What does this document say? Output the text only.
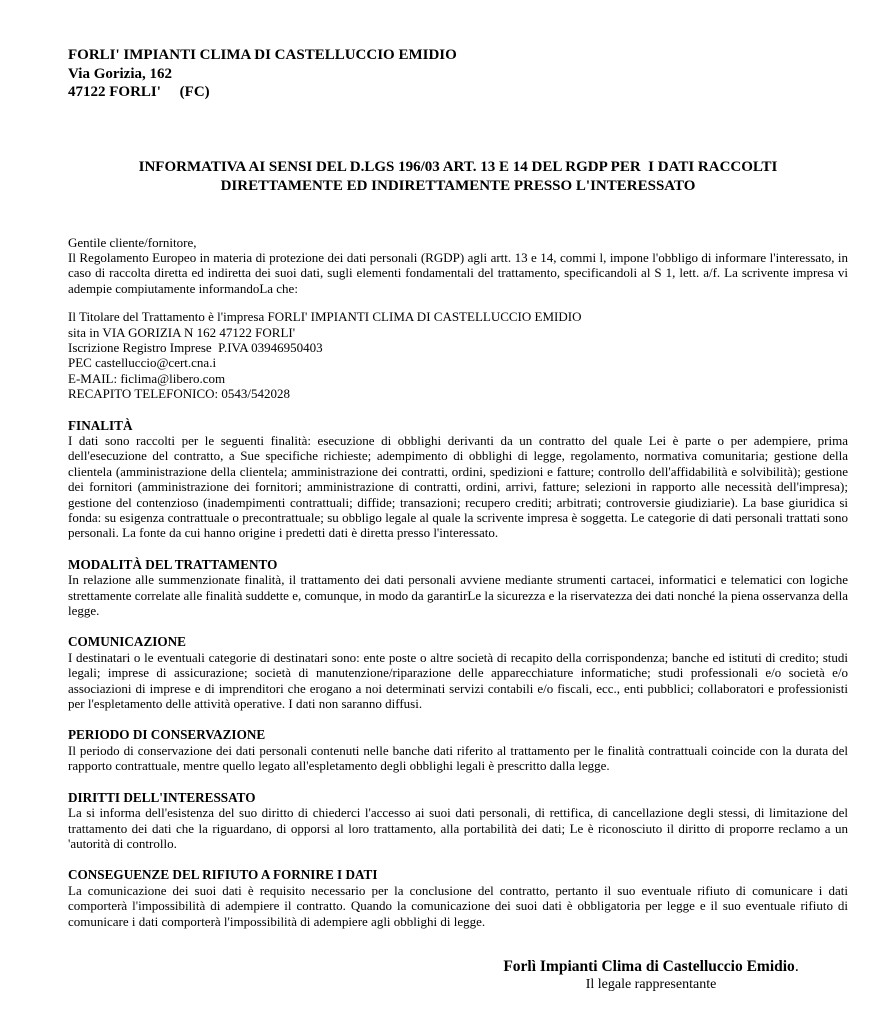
FORLI' IMPIANTI CLIMA DI CASTELLUCCIO EMIDIO
Via Gorizia, 162
47122 FORLI'     (FC)
INFORMATIVA AI SENSI DEL D.LGS 196/03 ART. 13 E 14 DEL RGDP PER  I DATI RACCOLTI
DIRETTAMENTE ED INDIRETTAMENTE PRESSO L'INTERESSATO
Gentile cliente/fornitore,
Il Regolamento Europeo in materia di protezione dei dati personali (RGDP) agli artt. 13 e 14, commi l, impone l'obbligo di informare l'interessato, in caso di raccolta diretta ed indiretta dei suoi dati, sugli elementi fondamentali del trattamento, specificandoli al S 1, lett. a/f. La scrivente impresa vi adempie compiutamente informandoLa che:
Il Titolare del Trattamento è l'impresa FORLI' IMPIANTI CLIMA DI CASTELLUCCIO EMIDIO
sita in VIA GORIZIA N 162 47122 FORLI'
Iscrizione Registro Imprese  P.IVA 03946950403
PEC castelluccio@cert.cna.i
E-MAIL: ficlima@libero.com
RECAPITO TELEFONICO: 0543/542028
FINALITÀ
I dati sono raccolti per le seguenti finalità: esecuzione di obblighi derivanti da un contratto del quale Lei è parte o per adempiere, prima dell'esecuzione del contratto, a Sue specifiche richieste; adempimento di obblighi di legge, regolamento, normativa comunitaria; gestione della clientela (amministrazione della clientela; amministrazione dei contratti, ordini, spedizioni e fatture; controllo dell'affidabilità e solvibilità); gestione dei fornitori (amministrazione dei fornitori; amministrazione di contratti, ordini, arrivi, fatture; selezioni in rapporto alle necessità dell'impresa); gestione del contenzioso (inadempimenti contrattuali; diffide; transazioni; recupero crediti; arbitrati; controversie giudiziarie). La base giuridica si fonda: su esigenza contrattuale o precontrattuale; su obbligo legale al quale la scrivente impresa è soggetta. Le categorie di dati personali trattati sono personali. La fonte da cui hanno origine i predetti dati è diretta presso l'interessato.
MODALITÀ DEL TRATTAMENTO
In relazione alle summenzionate finalità, il trattamento dei dati personali avviene mediante strumenti cartacei, informatici e telematici con logiche strettamente correlate alle finalità suddette e, comunque, in modo da garantirLe la sicurezza e la riservatezza dei dati nonché la piena osservanza della legge.
COMUNICAZIONE
I destinatari o le eventuali categorie di destinatari sono: ente poste o altre società di recapito della corrispondenza; banche ed istituti di credito; studi legali; imprese di assicurazione; società di manutenzione/riparazione delle apparecchiature informatiche; studi professionali e/o società e/o associazioni di imprese e di imprenditori che erogano a noi determinati servizi contabili e/o fiscali, ecc., enti pubblici; collaboratori e professionisti per l'espletamento delle attività operative. I dati non saranno diffusi.
PERIODO DI CONSERVAZIONE
Il periodo di conservazione dei dati personali contenuti nelle banche dati riferito al trattamento per le finalità contrattuali coincide con la durata del rapporto contrattuale, mentre quello legato all'espletamento degli obblighi legali è prescritto dalla legge.
DIRITTI DELL'INTERESSATO
La si informa dell'esistenza del suo diritto di chiederci l'accesso ai suoi dati personali, di rettifica, di cancellazione degli stessi, di limitazione del trattamento dei dati che la riguardano, di opporsi al loro trattamento, alla portabilità dei dati; Le è riconosciuto il diritto di proporre reclamo a un 'autorità di controllo.
CONSEGUENZE DEL RIFIUTO A FORNIRE I DATI
La comunicazione dei suoi dati è requisito necessario per la conclusione del contratto, pertanto il suo eventuale rifiuto di comunicare i dati comporterà l'impossibilità di adempiere il contratto. Quando la comunicazione dei suoi dati è obbligatoria per legge e il suo eventuale rifiuto di comunicare i dati comporterà l'impossibilità di adempiere agli obblighi di legge.
Forlì Impianti Clima di Castelluccio Emidio.
Il legale rappresentante
